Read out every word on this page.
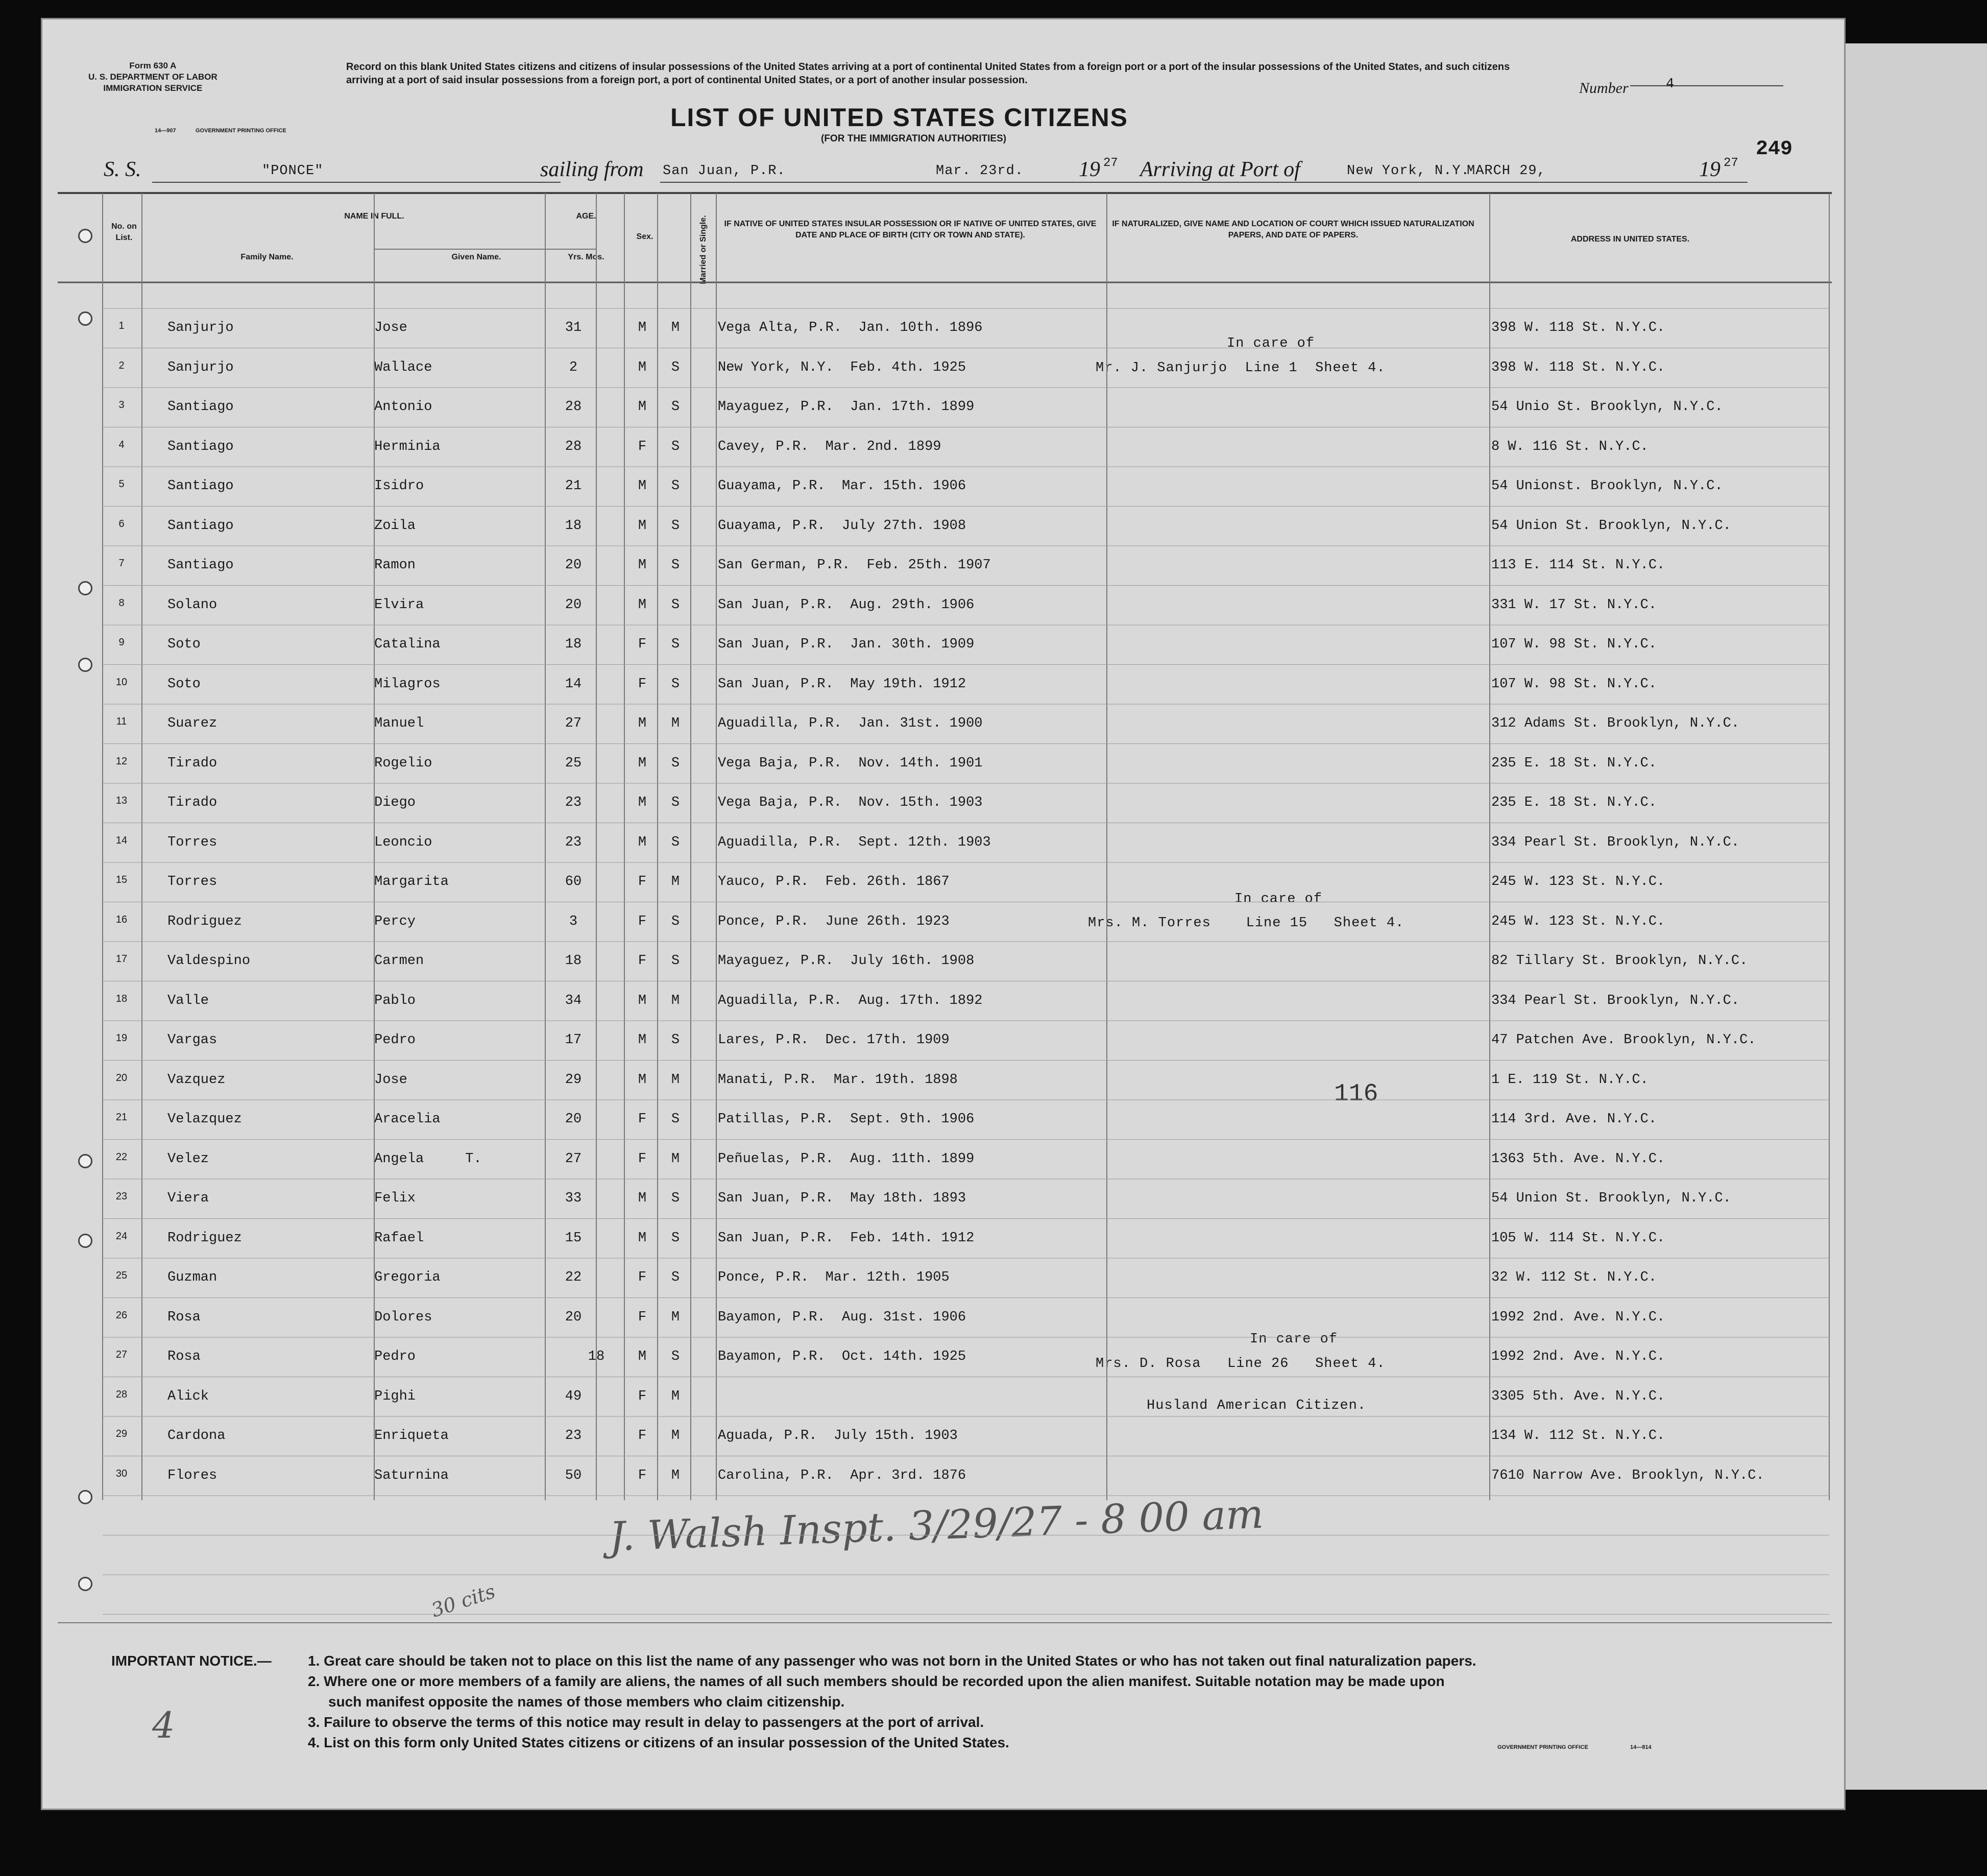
Form 630 A
U. S. DEPARTMENT OF LABOR
IMMIGRATION SERVICE
14—907	GOVERNMENT PRINTING OFFICE
Record on this blank United States citizens and citizens of insular possessions of the United States arriving at a port of continental United States from a foreign port or a port of the insular possessions of the United States, and such citizens arriving at a port of said insular possessions from a foreign port, a port of continental United States, or a port of another insular possession.	Number	4
LIST OF UNITED STATES CITIZENS
(FOR THE IMMIGRATION AUTHORITIES)	249
S. S.	"PONCE"	sailing from San Juan, P.R.	Mar. 23rd.	19 27 Arriving at Port of	New York, N.Y.
MARCH 29,	19 27
No. on List.
NAME IN FULL.
Family Name.	Given Name.
AGE.
Yrs. Mos.
Sex.	Married or Single.	IF NATIVE OF UNITED STATES INSULAR POSSESSION OR IF NATIVE OF UNITED STATES, GIVE DATE AND PLACE OF BIRTH (CITY OR TOWN AND STATE).
IF NATURALIZED, GIVE NAME AND LOCATION OF COURT WHICH ISSUED NATURALIZATION PAPERS, AND DATE OF PAPERS.	ADDRESS IN UNITED STATES.
1	Sanjurjo	Jose	31	M	M	Vega Alta, P.R.  Jan. 10th. 1896	398 W. 118 St. N.Y.C.
2	Sanjurjo	Wallace	2	M	S	New York, N.Y.  Feb. 4th. 1925	398 W. 118 St. N.Y.C.
3	Santiago	Antonio	28	M	S	Mayaguez, P.R.  Jan. 17th. 1899	54 Unio St. Brooklyn, N.Y.C.
4	Santiago	Herminia	28	F	S	Cavey, P.R.  Mar. 2nd. 1899	8 W. 116 St. N.Y.C.
5	Santiago	Isidro	21	M	S	Guayama, P.R.  Mar. 15th. 1906	54 Unionst. Brooklyn, N.Y.C.
6	Santiago	Zoila	18	M	S	Guayama, P.R.  July 27th. 1908	54 Union St. Brooklyn, N.Y.C.
7	Santiago	Ramon	20	M	S	San German, P.R.  Feb. 25th. 1907	113 E. 114 St. N.Y.C.
8	Solano	Elvira	20	M	S	San Juan, P.R.  Aug. 29th. 1906	331 W. 17 St. N.Y.C.
9	Soto	Catalina	18	F	S	San Juan, P.R.  Jan. 30th. 1909	107 W. 98 St. N.Y.C.
10	Soto	Milagros	14	F	S	San Juan, P.R.  May 19th. 1912	107 W. 98 St. N.Y.C.
11	Suarez	Manuel	27	M	M	Aguadilla, P.R.  Jan. 31st. 1900	312 Adams St. Brooklyn, N.Y.C.
12	Tirado	Rogelio	25	M	S	Vega Baja, P.R.  Nov. 14th. 1901	235 E. 18 St. N.Y.C.
13	Tirado	Diego	23	M	S	Vega Baja, P.R.  Nov. 15th. 1903	235 E. 18 St. N.Y.C.
14	Torres	Leoncio	23	M	S	Aguadilla, P.R.  Sept. 12th. 1903	334 Pearl St. Brooklyn, N.Y.C.
15	Torres	Margarita	60	F	M	Yauco, P.R.  Feb. 26th. 1867	245 W. 123 St. N.Y.C.
16	Rodriguez	Percy	3	F	S	Ponce, P.R.  June 26th. 1923	245 W. 123 St. N.Y.C.
17	Valdespino	Carmen	18	F	S	Mayaguez, P.R.  July 16th. 1908	82 Tillary St. Brooklyn, N.Y.C.
18	Valle	Pablo	34	M	M	Aguadilla, P.R.  Aug. 17th. 1892	334 Pearl St. Brooklyn, N.Y.C.
19	Vargas	Pedro	17	M	S	Lares, P.R.  Dec. 17th. 1909	47 Patchen Ave. Brooklyn, N.Y.C.
20	Vazquez	Jose	29	M	M	Manati, P.R.  Mar. 19th. 1898	1 E. 119 St. N.Y.C.
21	Velazquez	Aracelia	20	F	S	Patillas, P.R.  Sept. 9th. 1906	114 3rd. Ave. N.Y.C.
22	Velez	Angela     T.	27	F	M	Peñuelas, P.R.  Aug. 11th. 1899	1363 5th. Ave. N.Y.C.
23	Viera	Felix	33	M	S	San Juan, P.R.  May 18th. 1893	54 Union St. Brooklyn, N.Y.C.
24	Rodriguez	Rafael	15	M	S	San Juan, P.R.  Feb. 14th. 1912	105 W. 114 St. N.Y.C.
25	Guzman	Gregoria	22	F	S	Ponce, P.R.  Mar. 12th. 1905	32 W. 112 St. N.Y.C.
26	Rosa	Dolores	20	F	M	Bayamon, P.R.  Aug. 31st. 1906	1992 2nd. Ave. N.Y.C.
27	Rosa	Pedro	18	M	S	Bayamon, P.R.  Oct. 14th. 1925	1992 2nd. Ave. N.Y.C.
28	Alick	Pighi	49	F	M	3305 5th. Ave. N.Y.C.
29	Cardona	Enriqueta	23	F	M	Aguada, P.R.  July 15th. 1903	134 W. 112 St. N.Y.C.
30	Flores	Saturnina	50	F	M	Carolina, P.R.  Apr. 3rd. 1876	7610 Narrow Ave. Brooklyn, N.Y.C.
In care of
Mr. J. Sanjurjo  Line 1  Sheet 4.
In care of
Mrs. M. Torres    Line 15   Sheet 4.
In care of
Mrs. D. Rosa   Line 26   Sheet 4.
Husland American Citizen.
116
J. Walsh Inspt. 3/29/27 - 8 00 am
30 cits
4
IMPORTANT NOTICE.—	1. Great care should be taken not to place on this list the name of any passenger who was not born in the United States or who has not taken out final naturalization papers.
2. Where one or more members of a family are aliens, the names of all such members should be recorded upon the alien manifest. Suitable notation may be made upon
such manifest opposite the names of those members who claim citizenship.
3. Failure to observe the terms of this notice may result in delay to passengers at the port of arrival.
4. List on this form only United States citizens or citizens of an insular possession of the United States.	GOVERNMENT PRINTING OFFICE	14—814
